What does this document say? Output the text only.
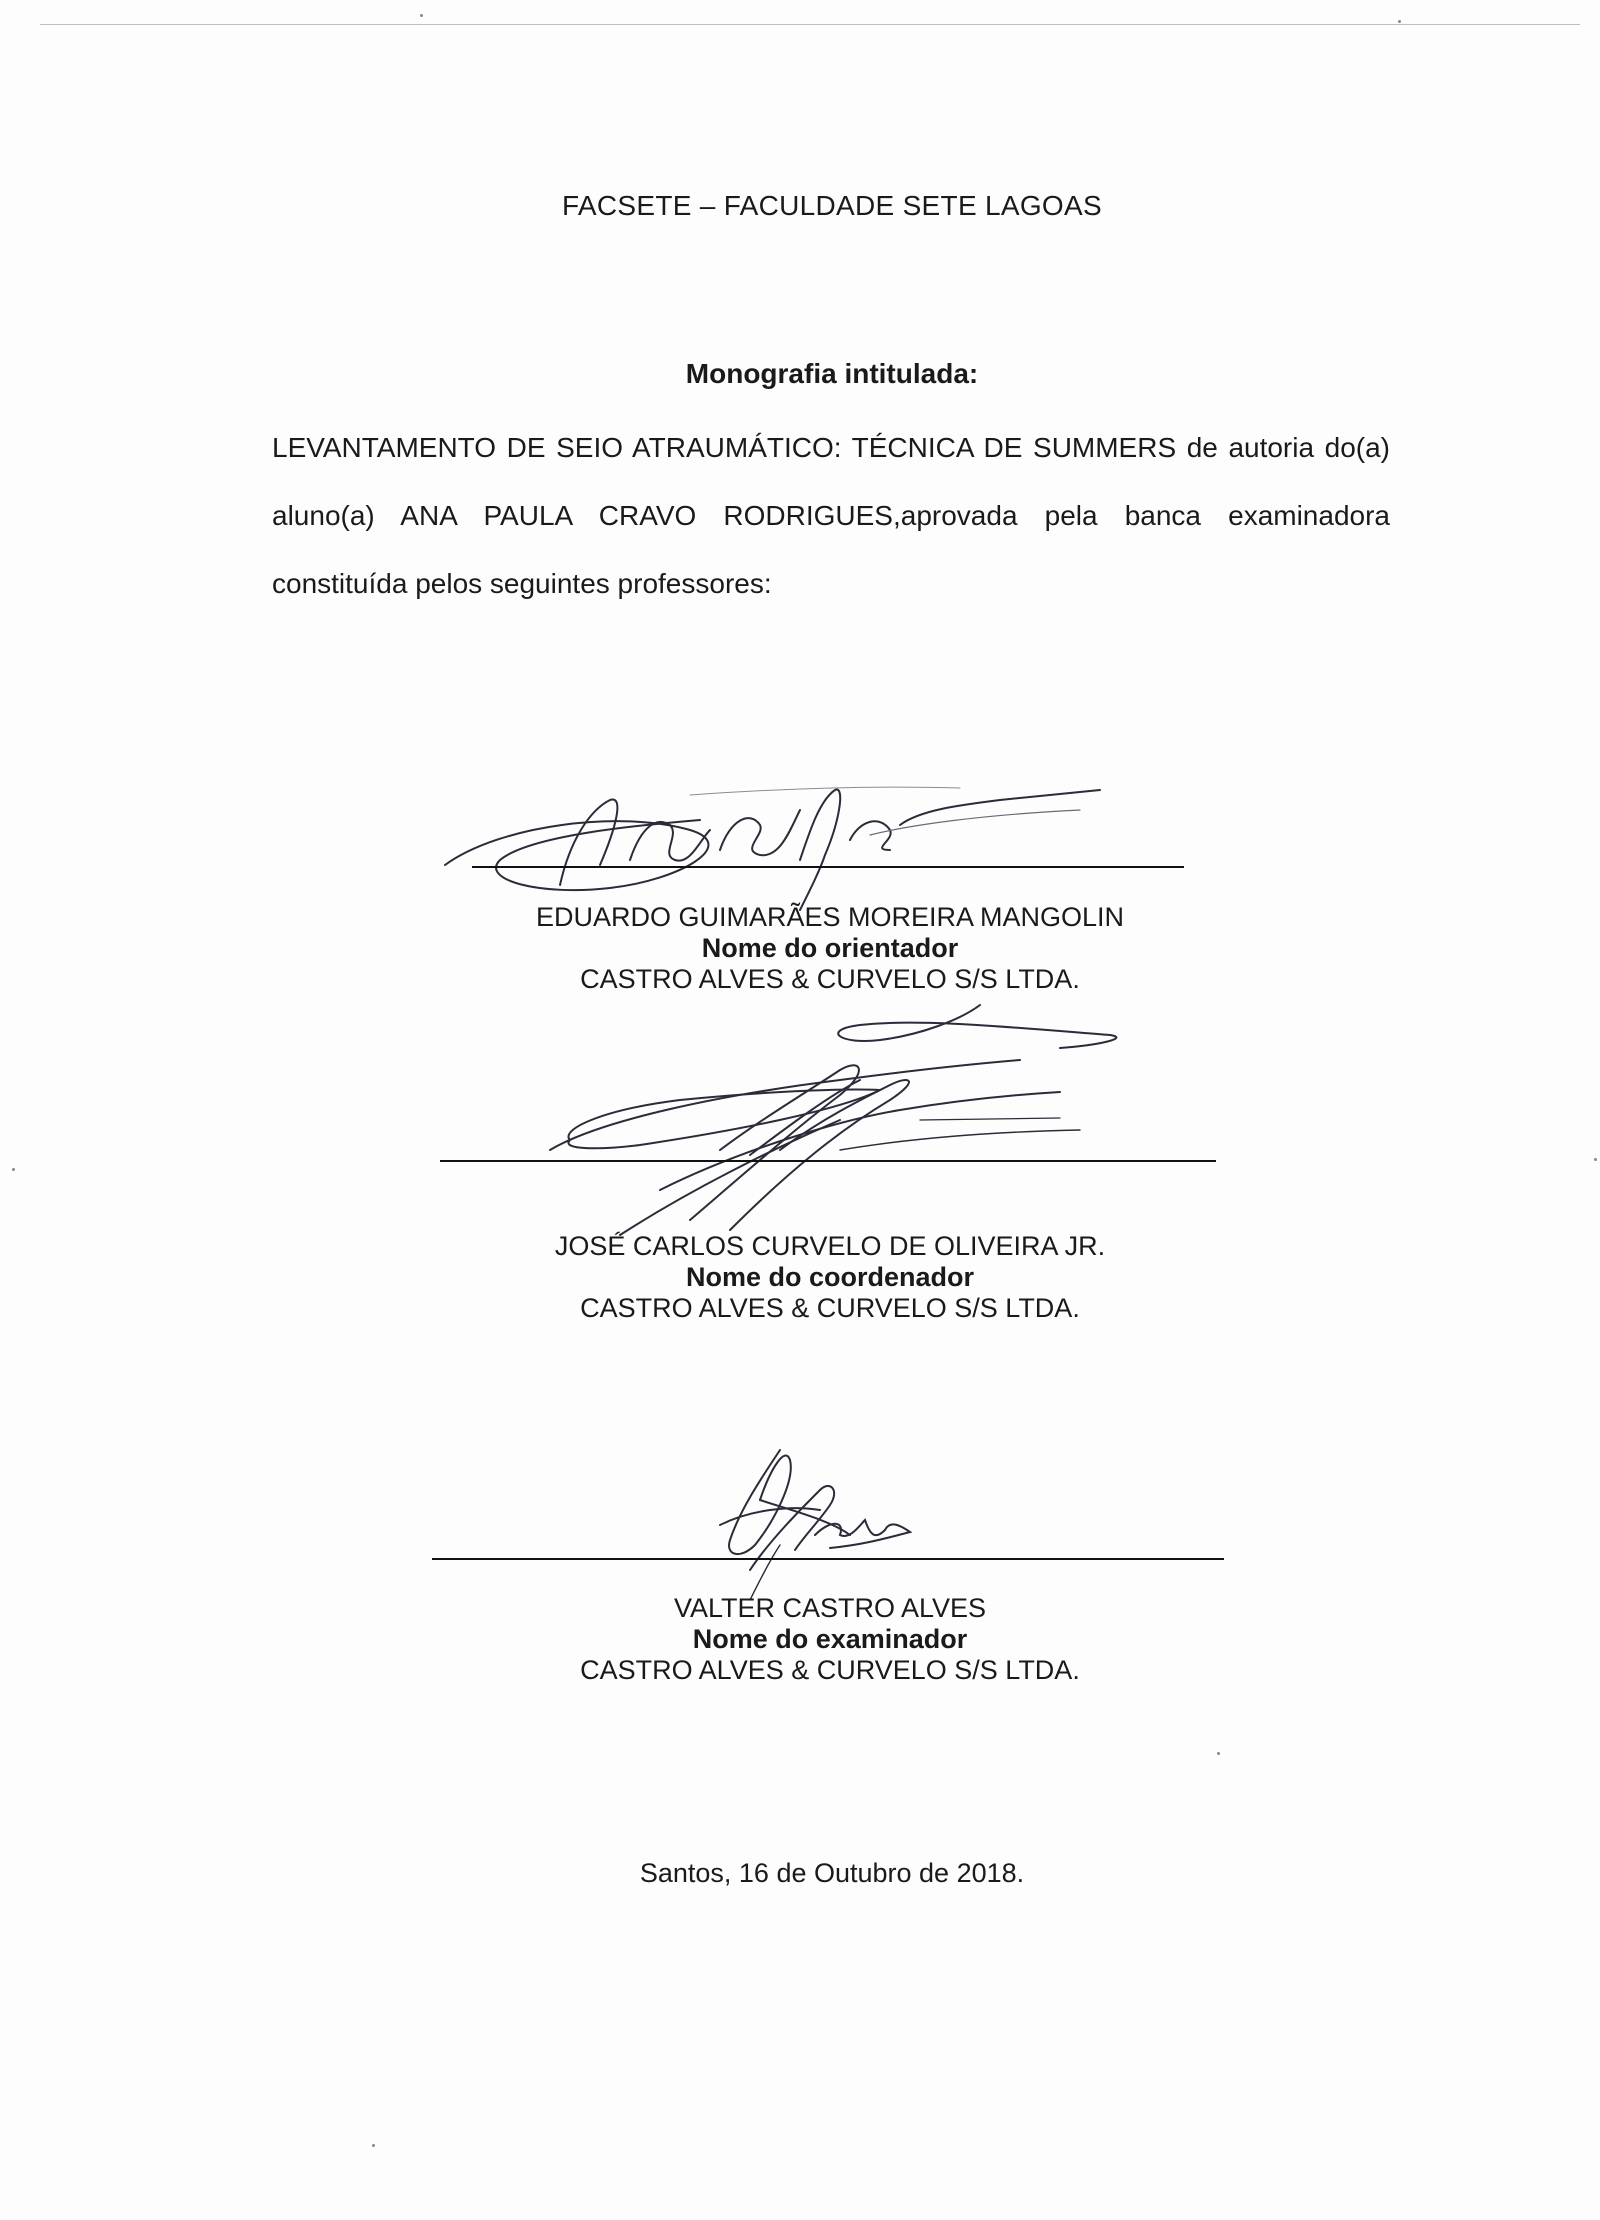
FACSETE – FACULDADE SETE LAGOAS
Monografia intitulada:
LEVANTAMENTO DE SEIO ATRAUMÁTICO: TÉCNICA DE SUMMERS de autoria do(a) aluno(a) ANA PAULA CRAVO RODRIGUES,aprovada pela banca examinadora constituída pelos seguintes professores:
EDUARDO GUIMARÃES MOREIRA MANGOLIN
Nome do orientador
CASTRO ALVES & CURVELO S/S LTDA.
JOSÉ CARLOS CURVELO DE OLIVEIRA JR.
Nome do coordenador
CASTRO ALVES & CURVELO S/S LTDA.
VALTER CASTRO ALVES
Nome do examinador
CASTRO ALVES & CURVELO S/S LTDA.
Santos, 16 de Outubro de 2018.
